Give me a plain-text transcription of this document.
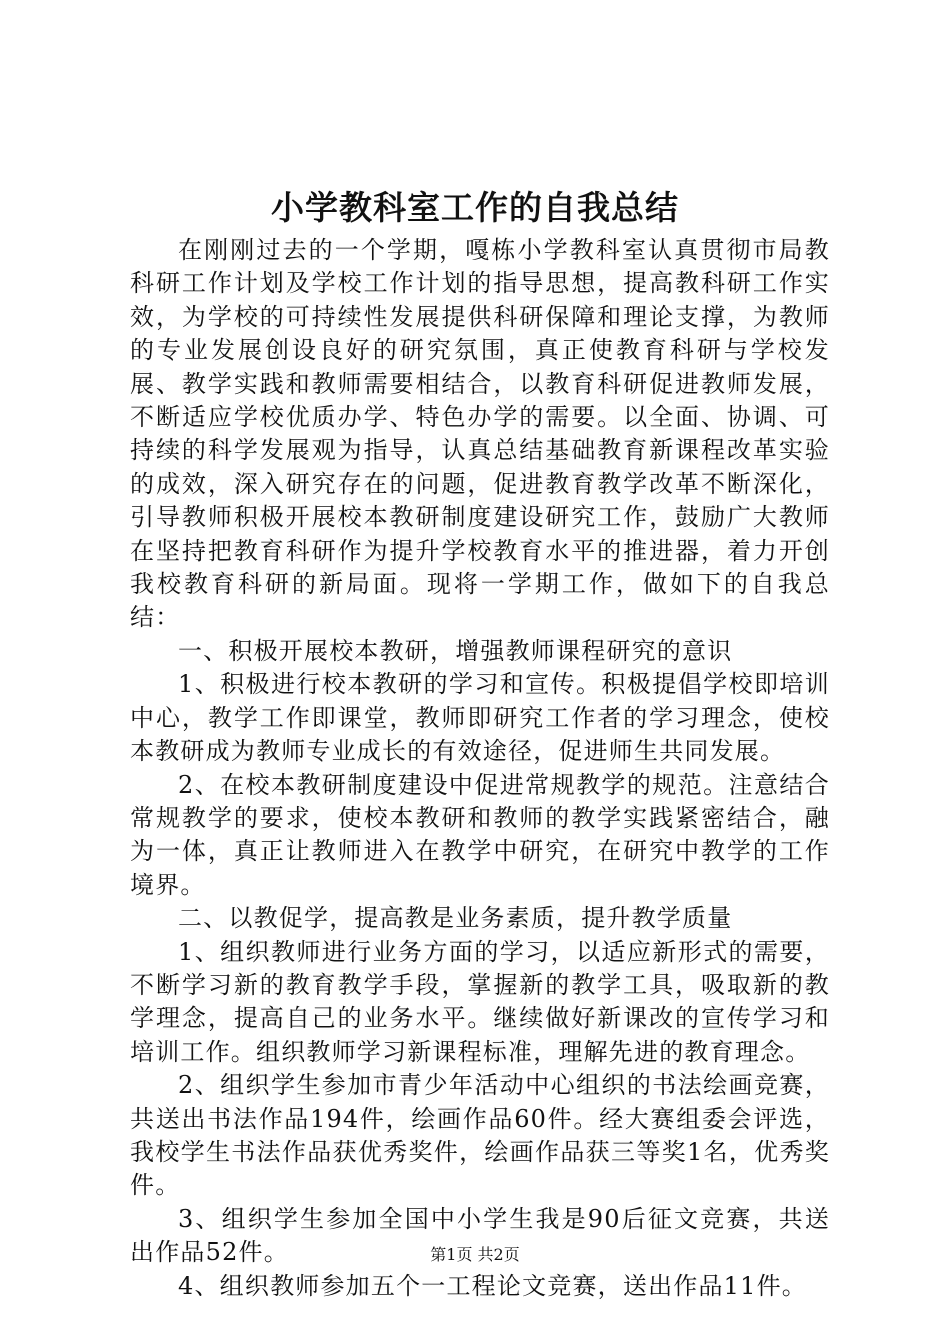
小学教科室工作的自我总结

在刚刚过去的一个学期，嘎栋小学教科室认真贯彻市局教科研工作计划及学校工作计划的指导思想，提高教科研工作实效，为学校的可持续性发展提供科研保障和理论支撑，为教师的专业发展创设良好的研究氛围，真正使教育科研与学校发展、教学实践和教师需要相结合，以教育科研促进教师发展，不断适应学校优质办学、特色办学的需要。以全面、协调、可持续的科学发展观为指导，认真总结基础教育新课程改革实验的成效，深入研究存在的问题，促进教育教学改革不断深化，引导教师积极开展校本教研制度建设研究工作，鼓励广大教师在坚持把教育科研作为提升学校教育水平的推进器，着力开创我校教育科研的新局面。现将一学期工作，做如下的自我总结：

一、积极开展校本教研，增强教师课程研究的意识

1、积极进行校本教研的学习和宣传。积极提倡学校即培训中心，教学工作即课堂，教师即研究工作者的学习理念，使校本教研成为教师专业成长的有效途径，促进师生共同发展。

2、在校本教研制度建设中促进常规教学的规范。注意结合常规教学的要求，使校本教研和教师的教学实践紧密结合，融为一体，真正让教师进入在教学中研究，在研究中教学的工作境界。

二、以教促学，提高教是业务素质，提升教学质量

1、组织教师进行业务方面的学习，以适应新形式的需要，不断学习新的教育教学手段，掌握新的教学工具，吸取新的教学理念，提高自己的业务水平。继续做好新课改的宣传学习和培训工作。组织教师学习新课程标准，理解先进的教育理念。

2、组织学生参加市青少年活动中心组织的书法绘画竞赛，共送出书法作品194件，绘画作品60件。经大赛组委会评选，我校学生书法作品获优秀奖件，绘画作品获三等奖1名，优秀奖件。

3、组织学生参加全国中小学生我是90后征文竞赛，共送出作品52件。

4、组织教师参加五个一工程论文竞赛，送出作品11件。

第1页 共2页
